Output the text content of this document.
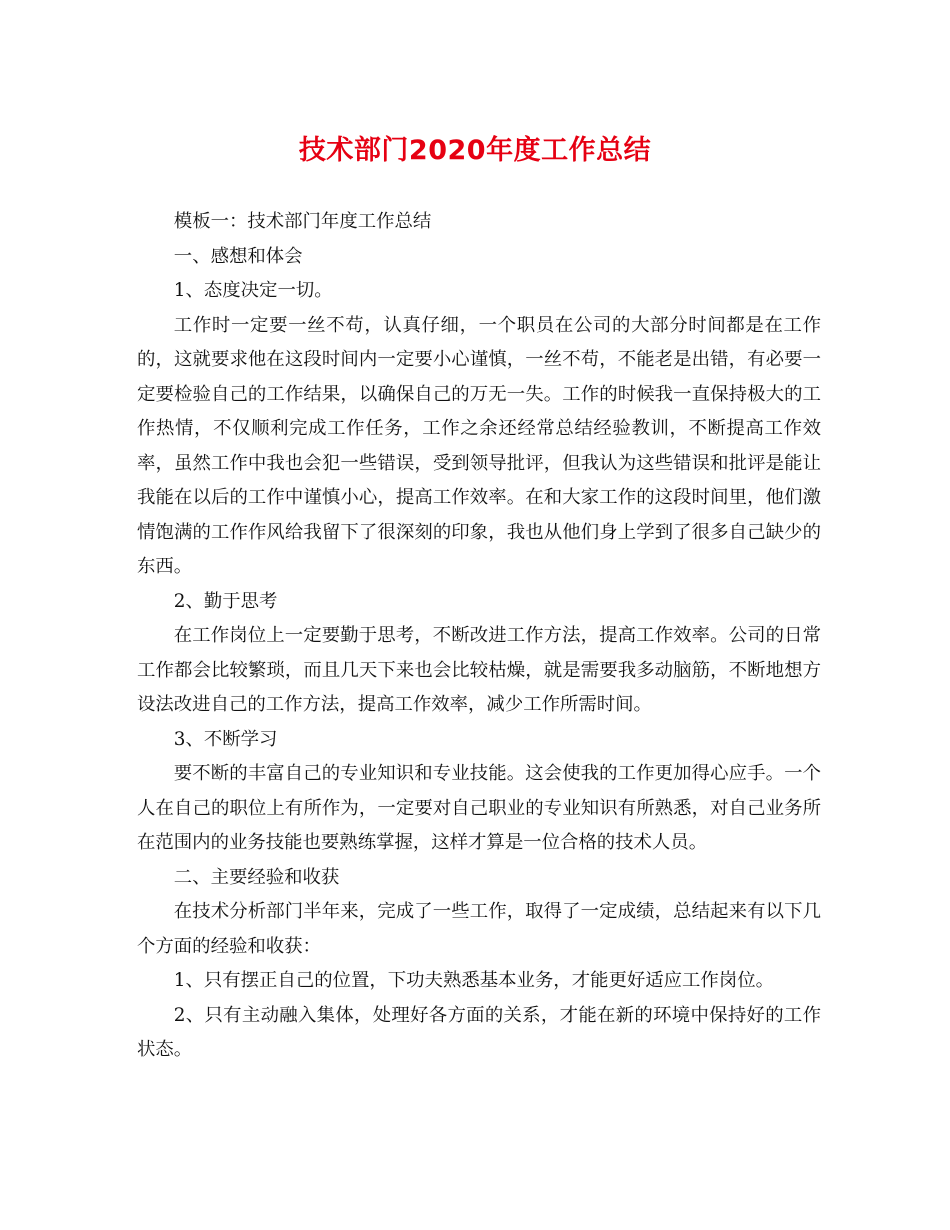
技术部门2020年度工作总结

模板一：技术部门年度工作总结

一、感想和体会

1、态度决定一切。

工作时一定要一丝不苟，认真仔细，一个职员在公司的大部分时间都是在工作的，这就要求他在这段时间内一定要小心谨慎，一丝不苟，不能老是出错，有必要一定要检验自己的工作结果，以确保自己的万无一失。工作的时候我一直保持极大的工作热情，不仅顺利完成工作任务，工作之余还经常总结经验教训，不断提高工作效率，虽然工作中我也会犯一些错误，受到领导批评，但我认为这些错误和批评是能让我能在以后的工作中谨慎小心，提高工作效率。在和大家工作的这段时间里，他们激情饱满的工作作风给我留下了很深刻的印象，我也从他们身上学到了很多自己缺少的东西。

2、勤于思考

在工作岗位上一定要勤于思考，不断改进工作方法，提高工作效率。公司的日常工作都会比较繁琐，而且几天下来也会比较枯燥，就是需要我多动脑筋，不断地想方设法改进自己的工作方法，提高工作效率，减少工作所需时间。

3、不断学习

要不断的丰富自己的专业知识和专业技能。这会使我的工作更加得心应手。一个人在自己的职位上有所作为，一定要对自己职业的专业知识有所熟悉，对自己业务所在范围内的业务技能也要熟练掌握，这样才算是一位合格的技术人员。

二、主要经验和收获

在技术分析部门半年来，完成了一些工作，取得了一定成绩，总结起来有以下几个方面的经验和收获：

1、只有摆正自己的位置，下功夫熟悉基本业务，才能更好适应工作岗位。

2、只有主动融入集体，处理好各方面的关系，才能在新的环境中保持好的工作状态。
